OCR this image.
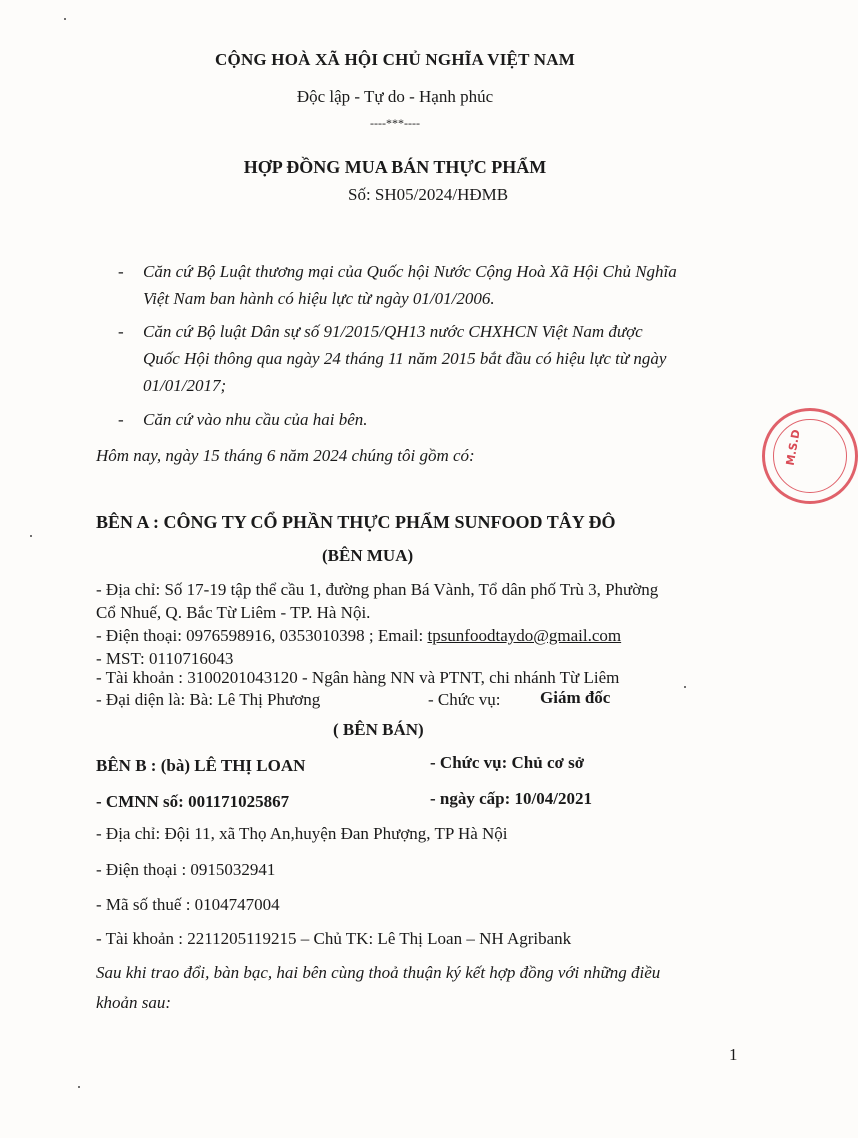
CỘNG HOÀ XÃ HỘI CHỦ NGHĨA VIỆT NAM
Độc lập - Tự do - Hạnh phúc
----***----
HỢP ĐỒNG MUA BÁN THỰC PHẨM
Số: SH05/2024/HĐMB
- Căn cứ Bộ Luật thương mại của Quốc hội Nước Cộng Hoà Xã Hội Chủ Nghĩa
Việt Nam ban hành có hiệu lực từ ngày 01/01/2006.
- Căn cứ Bộ luật Dân sự số 91/2015/QH13 nước CHXHCN Việt Nam được
Quốc Hội thông qua ngày 24 tháng 11 năm 2015 bắt đầu có hiệu lực từ ngày
01/01/2017;
- Căn cứ vào nhu cầu của hai bên.
Hôm nay, ngày 15 tháng 6 năm 2024 chúng tôi gồm có:
BÊN A : CÔNG TY CỔ PHẦN THỰC PHẨM SUNFOOD TÂY ĐÔ
(BÊN MUA)
- Địa chỉ: Số 17-19 tập thể cầu 1, đường phan Bá Vành, Tổ dân phố Trù 3, Phường
Cổ Nhuế, Q. Bắc Từ Liêm - TP. Hà Nội.
- Điện thoại: 0976598916, 0353010398 ; Email: tpsunfoodtaydo@gmail.com
- MST: 0110716043
- Tài khoản : 3100201043120 - Ngân hàng NN và PTNT, chi nhánh Từ Liêm
- Đại diện là: Bà: Lê Thị Phương	- Chức vụ: Giám đốc
( BÊN BÁN)
BÊN B : (bà) LÊ THỊ LOAN	- Chức vụ: Chủ cơ sở
- CMNN số: 001171025867	- ngày cấp: 10/04/2021
- Địa chỉ: Đội 11, xã Thọ An,huyện Đan Phượng, TP Hà Nội
- Điện thoại : 0915032941
- Mã số thuế : 0104747004
- Tài khoản : 2211205119215 – Chủ TK: Lê Thị Loan – NH Agribank
Sau khi trao đổi, bàn bạc, hai bên cùng thoả thuận ký kết hợp đồng với những điều
khoản sau:
1
M.S.D
